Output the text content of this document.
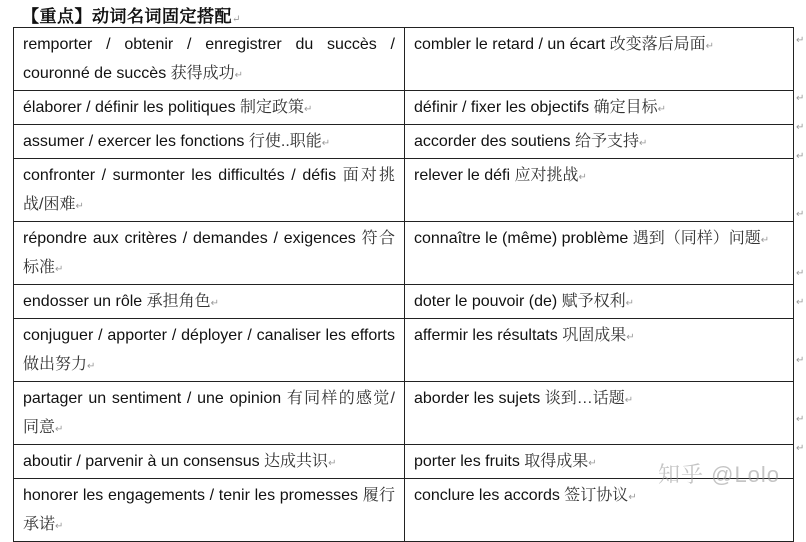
【重点】动词名词固定搭配↵
remporter / obtenir / enregistrer du succès / couronné de succès 获得成功↵	combler le retard / un écart 改变落后局面↵
élaborer / définir les politiques 制定政策↵	définir / fixer les objectifs 确定目标↵
assumer / exercer les fonctions 行使..职能↵	accorder des soutiens 给予支持↵
confronter / surmonter les difficultés / défis 面对挑战/困难↵	relever le défi 应对挑战↵
répondre aux critères / demandes / exigences 符合标准↵	connaître le (même) problème 遇到（同样）问题↵
endosser un rôle 承担角色↵	doter le pouvoir (de) 赋予权利↵
conjuguer / apporter / déployer / canaliser les efforts 做出努力↵	affermir les résultats 巩固成果↵
partager un sentiment / une opinion 有同样的感觉/同意↵	aborder les sujets 谈到…话题↵
aboutir / parvenir à un consensus 达成共识↵	porter les fruits 取得成果↵
honorer les engagements / tenir les promesses 履行承诺↵	conclure les accords 签订协议↵
↵
↵
↵
↵
↵
↵
↵
↵
↵
↵
知乎 @Lolo
